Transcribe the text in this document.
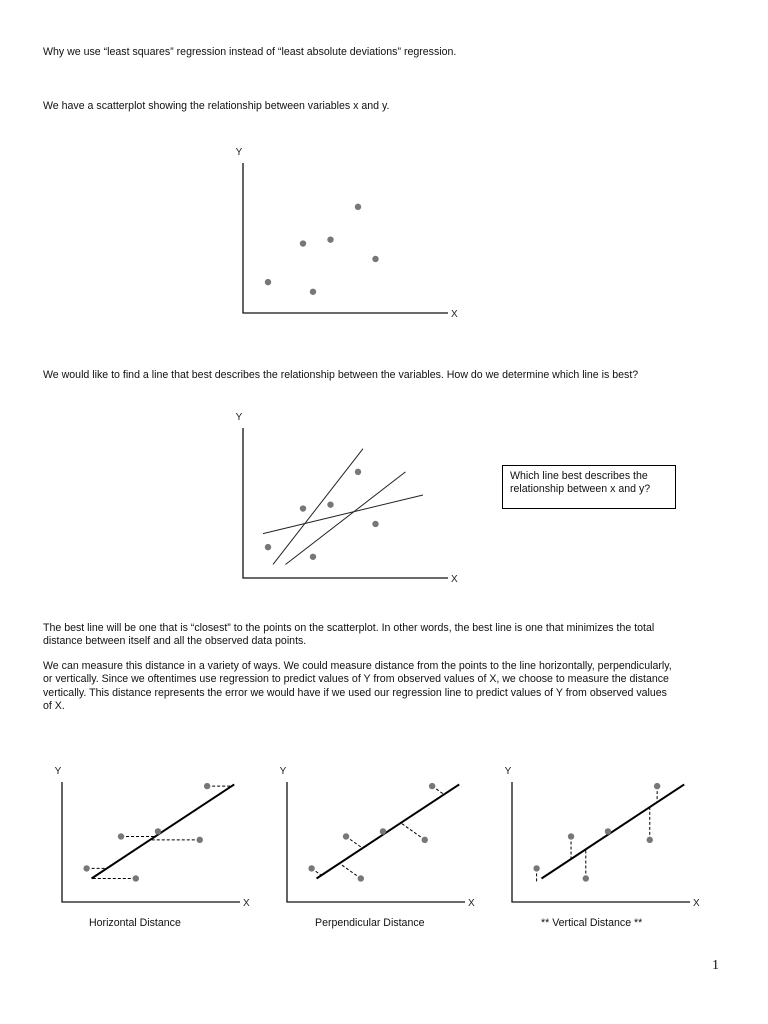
Why we use “least squares” regression instead of “least absolute deviations” regression.
We have a scatterplot showing the relationship between variables x and y.
Y
X
We would like to find a line that best describes the relationship between the variables. How do we determine which line is best?
Y
X
Which line best describes the
relationship between x and y?
The best line will be one that is “closest” to the points on the scatterplot. In other words, the best line is one that minimizes the total
distance between itself and all the observed data points.
We can measure this distance in a variety of ways. We could measure distance from the points to the line horizontally, perpendicularly,
or vertically. Since we oftentimes use regression to predict values of Y from observed values of X, we choose to measure the distance
vertically. This distance represents the error we would have if we used our regression line to predict values of Y from observed values
of X.
Y
X
Y
X
Y
X
Horizontal Distance	Perpendicular Distance	** Vertical Distance **
1
